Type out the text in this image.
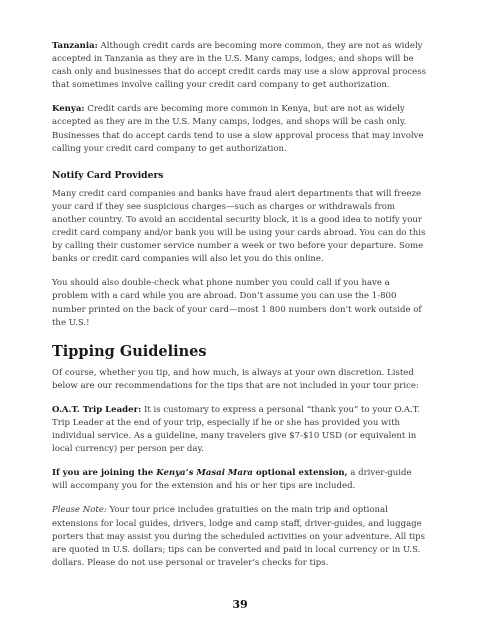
Tanzania: Although credit cards are becoming more common, they are not as widely accepted in Tanzania as they are in the U.S. Many camps, lodges, and shops will be cash only and businesses that do accept credit cards may use a slow approval process that sometimes involve calling your credit card company to get authorization.

Kenya: Credit cards are becoming more common in Kenya, but are not as widely accepted as they are in the U.S. Many camps, lodges, and shops will be cash only. Businesses that do accept cards tend to use a slow approval process that may involve calling your credit card company to get authorization.

Notify Card Providers

Many credit card companies and banks have fraud alert departments that will freeze your card if they see suspicious charges—such as charges or withdrawals from another country. To avoid an accidental security block, it is a good idea to notify your credit card company and/or bank you will be using your cards abroad. You can do this by calling their customer service number a week or two before your departure. Some banks or credit card companies will also let you do this online.

You should also double-check what phone number you could call if you have a problem with a card while you are abroad. Don’t assume you can use the 1-800 number printed on the back of your card—most 1 800 numbers don’t work outside of the U.S.!

Tipping Guidelines

Of course, whether you tip, and how much, is always at your own discretion. Listed below are our recommendations for the tips that are not included in your tour price:

O.A.T. Trip Leader: It is customary to express a personal “thank you” to your O.A.T. Trip Leader at the end of your trip, especially if he or she has provided you with individual service. As a guideline, many travelers give $7-$10 USD (or equivalent in local currency) per person per day.

If you are joining the Kenya’s Masai Mara optional extension, a driver-guide will accompany you for the extension and his or her tips are included.

Please Note: Your tour price includes gratuities on the main trip and optional extensions for local guides, drivers, lodge and camp staff, driver-guides, and luggage porters that may assist you during the scheduled activities on your adventure. All tips are quoted in U.S. dollars; tips can be converted and paid in local currency or in U.S. dollars. Please do not use personal or traveler’s checks for tips.

39
